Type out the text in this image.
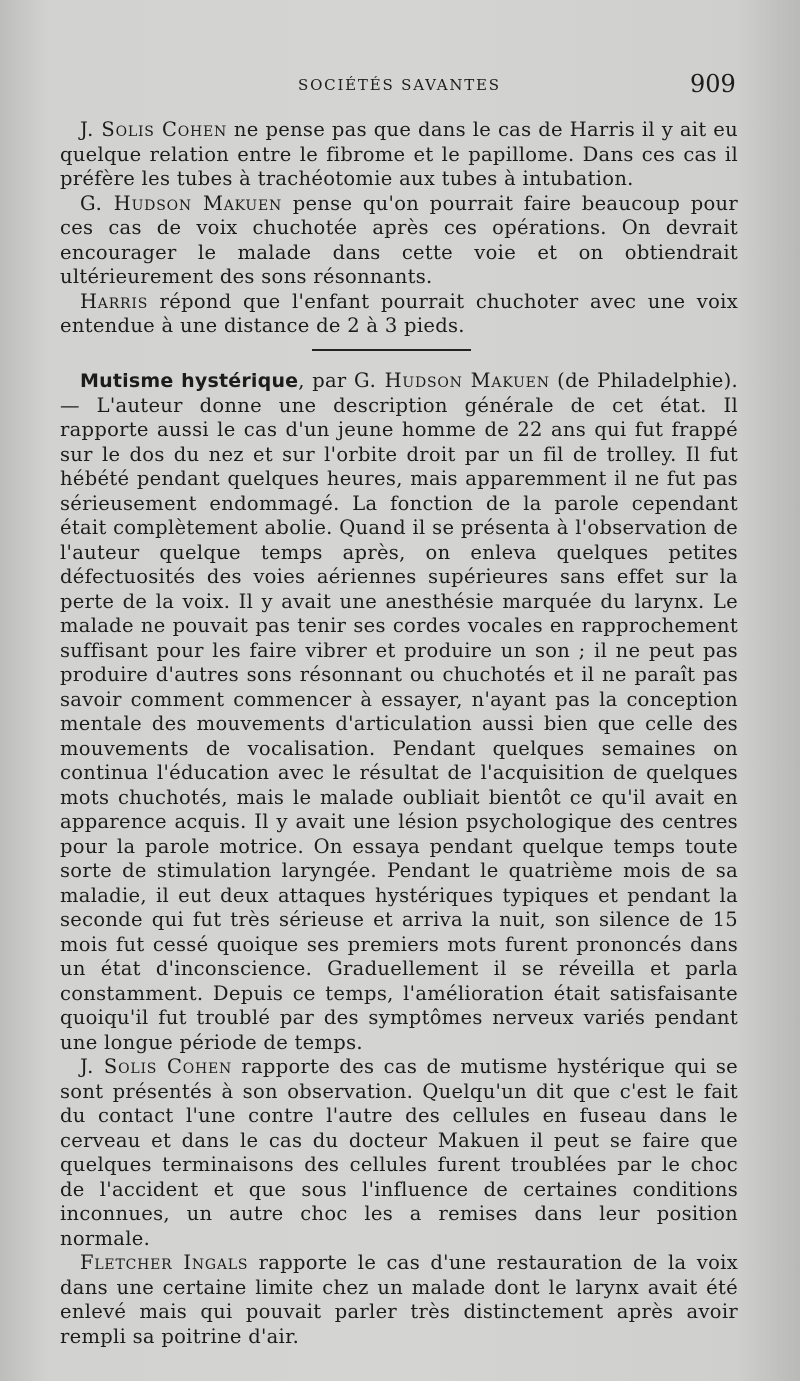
SOCIÉTÉS SAVANTES	909

J. Solis Cohen ne pense pas que dans le cas de Harris il y ait eu quelque relation entre le fibrome et le papillome. Dans ces cas il préfère les tubes à trachéotomie aux tubes à intubation.

G. Hudson Makuen pense qu'on pourrait faire beaucoup pour ces cas de voix chuchotée après ces opérations. On devrait encourager le malade dans cette voie et on obtiendrait ultérieurement des sons résonnants.

Harris répond que l'enfant pourrait chuchoter avec une voix entendue à une distance de 2 à 3 pieds.

Mutisme hystérique, par G. Hudson Makuen (de Philadelphie). — L'auteur donne une description générale de cet état. Il rapporte aussi le cas d'un jeune homme de 22 ans qui fut frappé sur le dos du nez et sur l'orbite droit par un fil de trolley. Il fut hébété pendant quelques heures, mais apparemment il ne fut pas sérieusement endommagé. La fonction de la parole cependant était complètement abolie. Quand il se présenta à l'observation de l'auteur quelque temps après, on enleva quelques petites défectuosités des voies aériennes supérieures sans effet sur la perte de la voix. Il y avait une anesthésie marquée du larynx. Le malade ne pouvait pas tenir ses cordes vocales en rapprochement suffisant pour les faire vibrer et produire un son ; il ne peut pas produire d'autres sons résonnant ou chuchotés et il ne paraît pas savoir comment commencer à essayer, n'ayant pas la conception mentale des mouvements d'articulation aussi bien que celle des mouvements de vocalisation. Pendant quelques semaines on continua l'éducation avec le résultat de l'acquisition de quelques mots chuchotés, mais le malade oubliait bientôt ce qu'il avait en apparence acquis. Il y avait une lésion psychologique des centres pour la parole motrice. On essaya pendant quelque temps toute sorte de stimulation laryngée. Pendant le quatrième mois de sa maladie, il eut deux attaques hystériques typiques et pendant la seconde qui fut très sérieuse et arriva la nuit, son silence de 15 mois fut cessé quoique ses premiers mots furent prononcés dans un état d'inconscience. Graduellement il se réveilla et parla constamment. Depuis ce temps, l'amélioration était satisfaisante quoiqu'il fut troublé par des symptômes nerveux variés pendant une longue période de temps.

J. Solis Cohen rapporte des cas de mutisme hystérique qui se sont présentés à son observation. Quelqu'un dit que c'est le fait du contact l'une contre l'autre des cellules en fuseau dans le cerveau et dans le cas du docteur Makuen il peut se faire que quelques terminaisons des cellules furent troublées par le choc de l'accident et que sous l'influence de certaines conditions inconnues, un autre choc les a remises dans leur position normale.

Fletcher Ingals rapporte le cas d'une restauration de la voix dans une certaine limite chez un malade dont le larynx avait été enlevé mais qui pouvait parler très distinctement après avoir rempli sa poitrine d'air.
